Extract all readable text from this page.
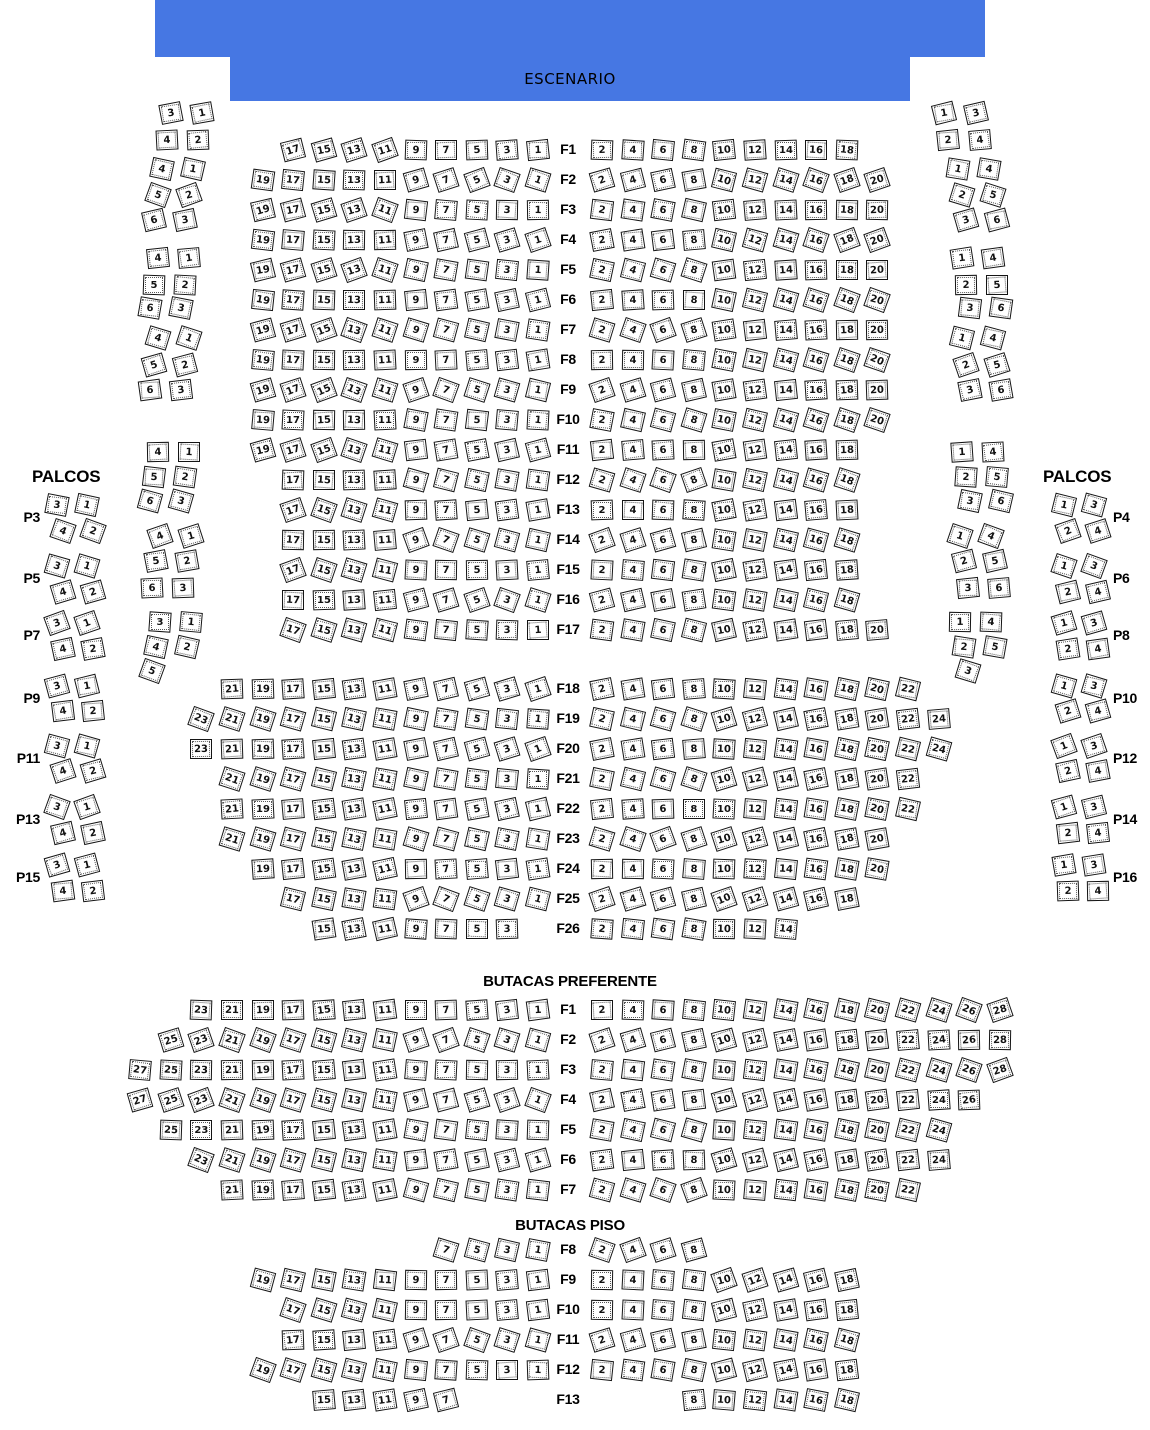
ESCENARIO
PALCOS	PALCOS
BUTACAS PREFERENTE
BUTACAS PISO
17 15 13 11	9	7	5	3	1	F1	2	4	6	8	10 12 14 16 18
19 17 15 13 11	9	7	5	3	1	F2	2	4	6	8	10 12 14 16 18 20
19 17 15 13 11	9	7	5	3	1	F3	2	4	6	8	10 12 14 16 18 20
19 17 15 13 11	9	7	5	3	1	F4	2	4	6	8	10 12 14 16 18 20
19 17 15 13 11	9	7	5	3	1	F5	2	4	6	8	10 12 14 16 18 20
19 17 15 13 11	9	7	5	3	1	F6	2	4	6	8	10 12 14 16 18 20
19 17 15 13 11	9	7	5	3	1	F7	2	4	6	8	10 12 14 16 18 20
19 17 15 13 11	9	7	5	3	1	F8	2	4	6	8	10 12 14 16 18 20
19 17 15 13 11	9	7	5	3	1	F9	2	4	6	8	10 12 14 16 18 20
19 17 15 13 11	9	7	5	3	1	F10	2	4	6	8	10 12 14 16 18 20
19 17 15 13 11	9	7	5	3	1	F11	2	4	6	8	10 12 14 16 18
17 15 13 11	9	7	5	3	1	F12	2	4	6	8	10 12 14 16 18
17 15 13 11	9	7	5	3	1 F13	2	4	6	8	10 12 14 16 18
17 15 13 11	9	7	5	3	1 F14	2	4	6	8	10 12 14 16 18
17 15 13 11	9	7	5	3	1	F15	2	4	6	8	10 12 14 16 18
17 15 13 11	9	7	5	3	1 F16	2	4	6	8	10 12 14 16 18
17 15 13 11	9	7	5	3	1	F17	2	4	6	8	10 12 14 16 18 20
21 19 17 15 13 11	9	7	5	3	1 F18	2	4	6	8	10 12 14 16 18 20 22
23 21 19 17 15 13 11	9	7	5	3	1	F19	2	4	6	8	10 12 14 16 18 20 22 24
23 21 19 17 15 13 11	9	7	5	3	1 F20	2	4	6	8	10 12 14 16 18 20 22 24
21 19 17 15 13 11	9	7	5	3	1	F21	2	4	6	8	10 12 14 16 18 20 22
21 19 17 15 13 11	9	7	5	3	1 F22	2	4	6	8	10 12 14 16 18 20 22
21 19 17 15 13 11	9	7	5	3	1 F23	2	4	6	8	10 12 14 16 18 20
19 17 15 13 11	9	7	5	3	1	F24	2	4	6	8	10 12 14 16 18 20
17 15 13 11	9	7	5	3	1 F25	2	4	6	8	10 12 14 16 18
15 13 11	9	7	5	3	F26	2	4	6	8	10 12 14
23 21 19 17 15 13 11	9	7	5	3	1	F1	2	4	6	8	10 12 14 16 18 20 22 24 26 28
25 23 21 19 17 15 13 11	9	7	5	3	1	F2	2	4	6	8	10 12 14 16 18 20 22 24 26 28
27 25 23 21 19 17 15 13 11	9	7	5	3	1	F3	2	4	6	8	10 12 14 16 18 20 22 24 26 28
27 25 23 21 19 17 15 13 11	9	7	5	3	1	F4	2	4	6	8	10 12 14 16 18 20 22 24 26
25 23 21 19 17 15 13 11	9	7	5	3	1	F5	2	4	6	8	10 12 14 16 18 20 22 24
23 21 19 17 15 13 11	9	7	5	3	1	F6	2	4	6	8	10 12 14 16 18 20 22 24
21 19 17 15 13 11	9	7	5	3	1	F7	2	4	6	8	10 12 14 16 18 20 22
7	5	3	1	F8	2	4	6	8
19 17 15 13 11	9	7	5	3	1	F9	2	4	6	8	10 12 14 16 18
17 15 13 11	9	7	5	3	1 F10	2	4	6	8	10 12 14 16 18
17 15 13 11	9	7	5	3	1	F11	2	4	6	8	10 12 14 16 18
19 17 15 13 11	9	7	5	3	1	F12	2	4	6	8	10 12 14 16 18
15 13 11	9	7	F13	8	10 12 14 16 18
P3
3	1
4	2
P5
3	1
4	2
P7
3	1
4	2
P9
3	1
4	2
P11
3	1
4	2
P13
3	1
4	2
P15
3	1
4	2
P4
1	3
2	4
P6
1	3
2	4
P8
1	3
2	4
P10
1	3
2	4
P12
1	3
2	4
P14
1	3
2	4
P16
1	3
2	4
3	1
4	2
4	1
5	2
6	3
4	1
5	2
6	3
4	1
5	2
6	3
4	1
5	2
6	3
4	1
5	2
6	3
3	1
4	2
5
1	3
2	4
1	4
2	5
3	6
1	4
2	5
3	6
1	4
2	5
3	6
1	4
2	5
3	6
1	4
2	5
3	6
1	4
2	5
3
